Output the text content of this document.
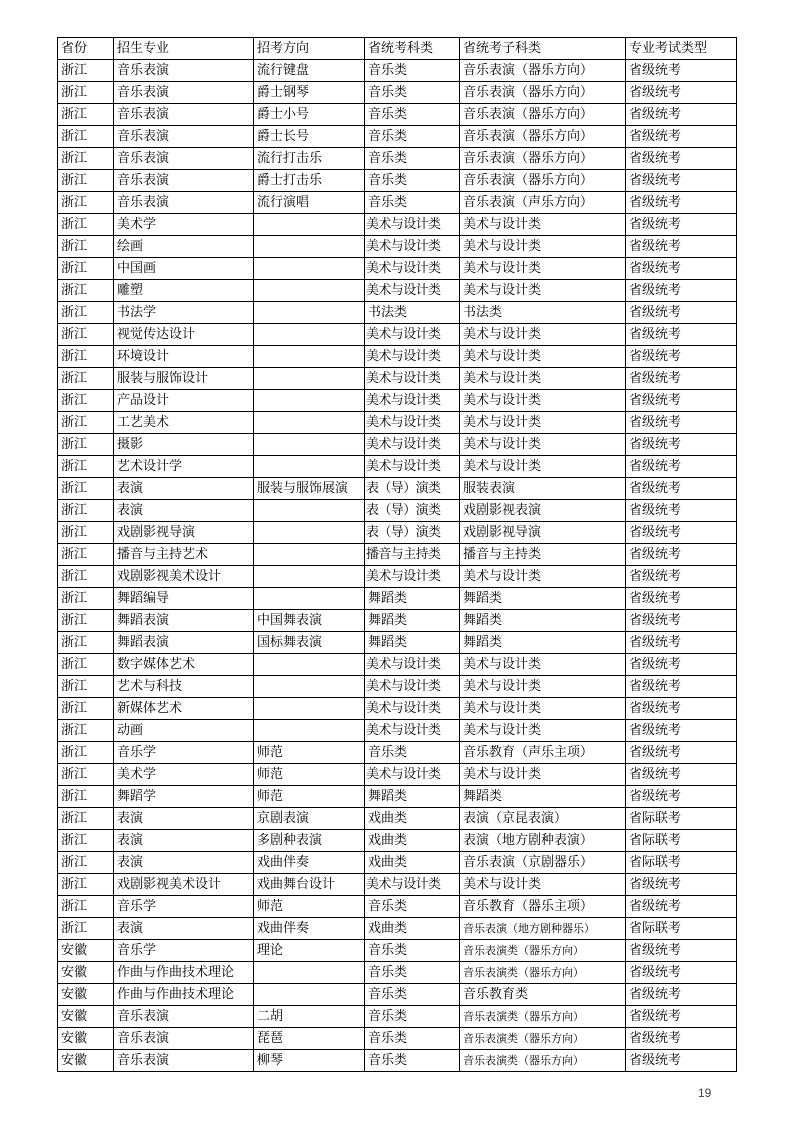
省份	招生专业	招考方向	省统考科类	省统考子科类	专业考试类型
浙江	音乐表演	流行键盘	音乐类	音乐表演（器乐方向）	省级统考
浙江	音乐表演	爵士钢琴	音乐类	音乐表演（器乐方向）	省级统考
浙江	音乐表演	爵士小号	音乐类	音乐表演（器乐方向）	省级统考
浙江	音乐表演	爵士长号	音乐类	音乐表演（器乐方向）	省级统考
浙江	音乐表演	流行打击乐	音乐类	音乐表演（器乐方向）	省级统考
浙江	音乐表演	爵士打击乐	音乐类	音乐表演（器乐方向）	省级统考
浙江	音乐表演	流行演唱	音乐类	音乐表演（声乐方向）	省级统考
浙江	美术学		美术与设计类	美术与设计类	省级统考
浙江	绘画		美术与设计类	美术与设计类	省级统考
浙江	中国画		美术与设计类	美术与设计类	省级统考
浙江	雕塑		美术与设计类	美术与设计类	省级统考
浙江	书法学		书法类	书法类	省级统考
浙江	视觉传达设计		美术与设计类	美术与设计类	省级统考
浙江	环境设计		美术与设计类	美术与设计类	省级统考
浙江	服装与服饰设计		美术与设计类	美术与设计类	省级统考
浙江	产品设计		美术与设计类	美术与设计类	省级统考
浙江	工艺美术		美术与设计类	美术与设计类	省级统考
浙江	摄影		美术与设计类	美术与设计类	省级统考
浙江	艺术设计学		美术与设计类	美术与设计类	省级统考
浙江	表演	服装与服饰展演	表（导）演类	服装表演	省级统考
浙江	表演		表（导）演类	戏剧影视表演	省级统考
浙江	戏剧影视导演		表（导）演类	戏剧影视导演	省级统考
浙江	播音与主持艺术		播音与主持类	播音与主持类	省级统考
浙江	戏剧影视美术设计		美术与设计类	美术与设计类	省级统考
浙江	舞蹈编导		舞蹈类	舞蹈类	省级统考
浙江	舞蹈表演	中国舞表演	舞蹈类	舞蹈类	省级统考
浙江	舞蹈表演	国标舞表演	舞蹈类	舞蹈类	省级统考
浙江	数字媒体艺术		美术与设计类	美术与设计类	省级统考
浙江	艺术与科技		美术与设计类	美术与设计类	省级统考
浙江	新媒体艺术		美术与设计类	美术与设计类	省级统考
浙江	动画		美术与设计类	美术与设计类	省级统考
浙江	音乐学	师范	音乐类	音乐教育（声乐主项）	省级统考
浙江	美术学	师范	美术与设计类	美术与设计类	省级统考
浙江	舞蹈学	师范	舞蹈类	舞蹈类	省级统考
浙江	表演	京剧表演	戏曲类	表演（京昆表演）	省际联考
浙江	表演	多剧种表演	戏曲类	表演（地方剧种表演）	省际联考
浙江	表演	戏曲伴奏	戏曲类	音乐表演（京剧器乐）	省际联考
浙江	戏剧影视美术设计	戏曲舞台设计	美术与设计类	美术与设计类	省级统考
浙江	音乐学	师范	音乐类	音乐教育（器乐主项）	省级统考
浙江	表演	戏曲伴奏	戏曲类	音乐表演（地方剧种器乐）	省际联考
安徽	音乐学	理论	音乐类	音乐表演类（器乐方向）	省级统考
安徽	作曲与作曲技术理论		音乐类	音乐表演类（器乐方向）	省级统考
安徽	作曲与作曲技术理论		音乐类	音乐教育类	省级统考
安徽	音乐表演	二胡	音乐类	音乐表演类（器乐方向）	省级统考
安徽	音乐表演	琵琶	音乐类	音乐表演类（器乐方向）	省级统考
安徽	音乐表演	柳琴	音乐类	音乐表演类（器乐方向）	省级统考
19
